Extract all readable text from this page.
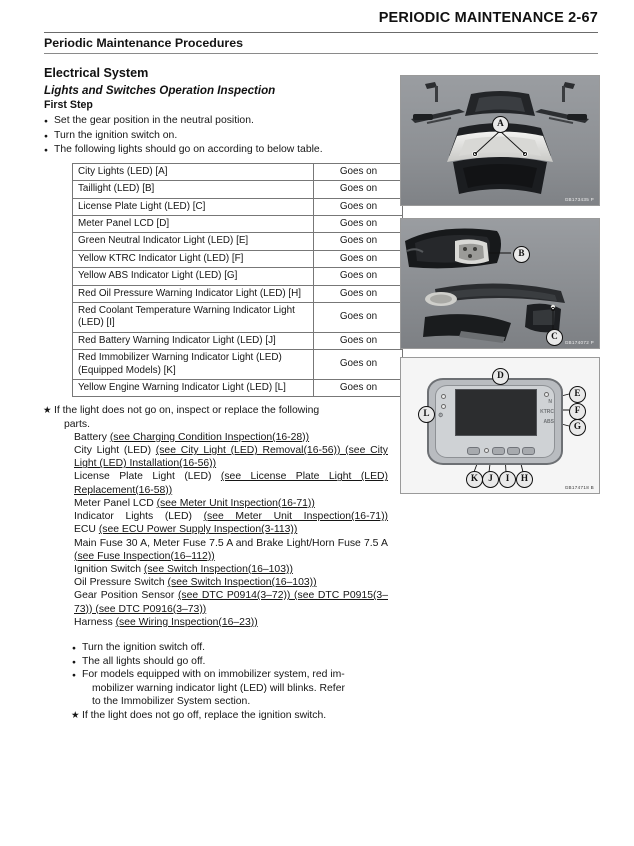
PERIODIC MAINTENANCE 2-67
Periodic Maintenance Procedures
Electrical System
Lights and Switches Operation Inspection
First Step
● Set the gear position in the neutral position.
● Turn the ignition switch on.
● The following lights should go on according to below table.
City Lights (LED) [A]	Goes on
Taillight (LED) [B]	Goes on
License Plate Light (LED) [C]	Goes on
Meter Panel LCD [D]	Goes on
Green Neutral Indicator Light (LED) [E]	Goes on
Yellow KTRC Indicator Light (LED) [F]	Goes on
Yellow ABS Indicator Light (LED) [G]	Goes on
Red Oil Pressure Warning Indicator Light (LED) [H]	Goes on
Red Coolant Temperature Warning Indicator Light (LED) [I]	Goes on
Red Battery Warning Indicator Light (LED) [J]	Goes on
Red Immobilizer Warning Indicator Light (LED) (Equipped Models) [K]	Goes on
Yellow Engine Warning Indicator Light (LED) [L]	Goes on
★ If the light does not go on, inspect or replace the following
parts.
Battery (see Charging Condition Inspection(16-28))
City Light (LED) (see City Light (LED) Removal(16-56)) (see City Light (LED) Installation(16-56))
License Plate Light (LED) (see License Plate Light (LED) Replacement(16-58))
Meter Panel LCD (see Meter Unit Inspection(16-71))
Indicator Lights (LED) (see Meter Unit Inspection(16-71))
ECU (see ECU Power Supply Inspection(3-113))
Main Fuse 30 A, Meter Fuse 7.5 A and Brake Light/Horn Fuse 7.5 A (see Fuse Inspection(16–112))
Ignition Switch (see Switch Inspection(16–103))
Oil Pressure Switch (see Switch Inspection(16–103))
Gear Position Sensor (see DTC P0914(3–72)) (see DTC P0915(3–73)) (see DTC P0916(3–73))
Harness (see Wiring Inspection(16–23))
● Turn the ignition switch off.
● The all lights should go off.
● For models equipped with on immobilizer system, red im-
mobilizer warning indicator light (LED) will blinks. Refer
to the Immobilizer System section.
★ If the light does not go off, replace the ignition switch.
A
GB173435 P
B
C
GB174072 P
⚙
N
KTRC
ABS
D
E
F
G
H
I
J
K
L
GB174718 B
